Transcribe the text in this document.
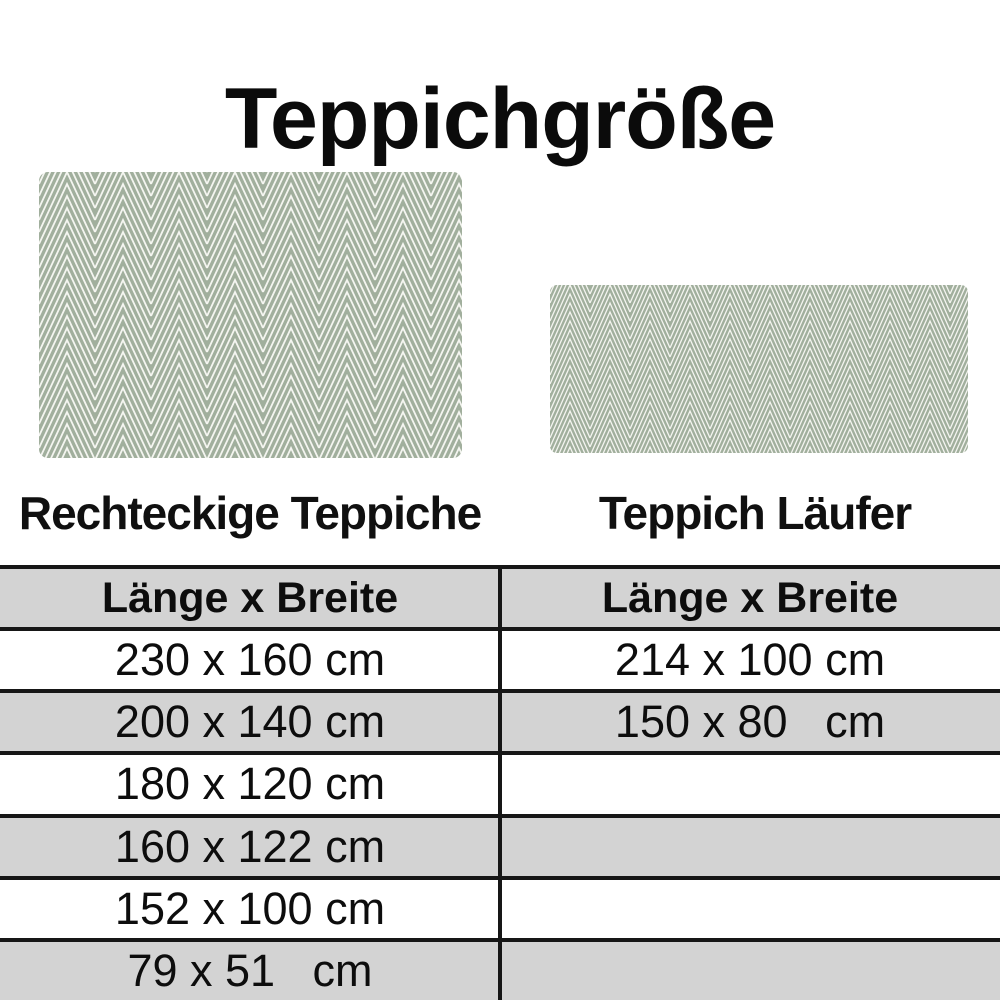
Teppichgröße
Rechteckige Teppiche	Teppich Läufer
Länge x Breite	Länge x Breite
230 x 160 cm	214 x 100 cm
200 x 140 cm	150 x 80   cm
180 x 120 cm
160 x 122 cm
152 x 100 cm
79 x 51   cm
